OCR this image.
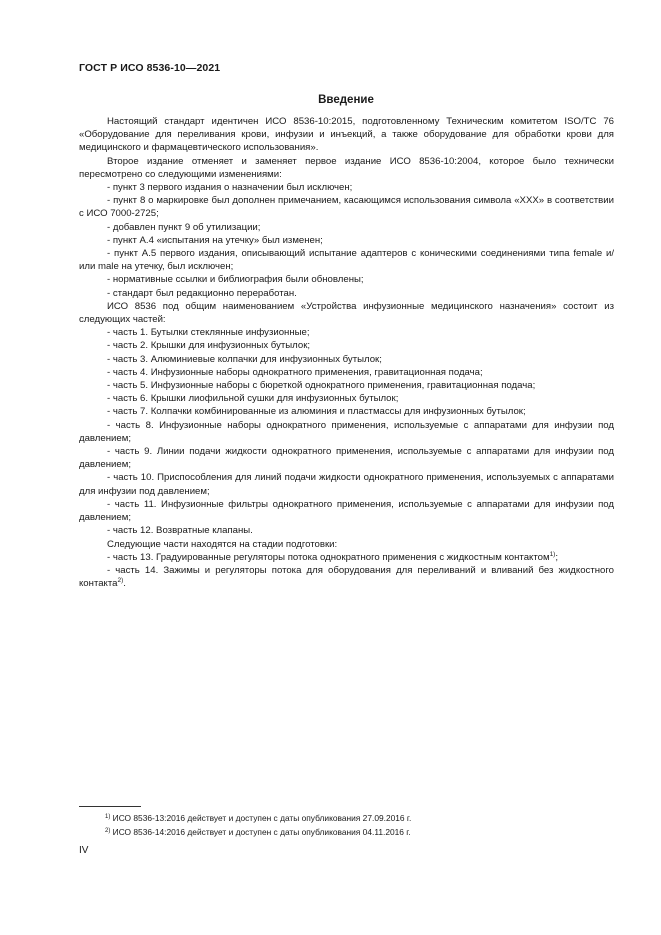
ГОСТ Р ИСО 8536-10—2021
Введение

Настоящий стандарт идентичен ИСО 8536-10:2015, подготовленному Техническим комитетом ISO/TC 76 «Оборудование для переливания крови, инфузии и инъекций, а также оборудование для обработки крови для медицинского и фармацевтического использования».

Второе издание отменяет и заменяет первое издание ИСО 8536-10:2004, которое было технически пересмотрено со следующими изменениями:

- пункт 3 первого издания о назначении был исключен;

- пункт 8 о маркировке был дополнен примечанием, касающимся использования символа «XXX» в соответствии с ИСО 7000-2725;

- добавлен пункт 9 об утилизации;

- пункт А.4 «испытания на утечку» был изменен;

- пункт А.5 первого издания, описывающий испытание адаптеров с коническими соединениями типа female и/или male на утечку, был исключен;

- нормативные ссылки и библиография были обновлены;

- стандарт был редакционно переработан.

ИСО 8536 под общим наименованием «Устройства инфузионные медицинского назначения» состоит из следующих частей:

- часть 1. Бутылки стеклянные инфузионные;

- часть 2. Крышки для инфузионных бутылок;

- часть 3. Алюминиевые колпачки для инфузионных бутылок;

- часть 4. Инфузионные наборы однократного применения, гравитационная подача;

- часть 5. Инфузионные наборы с бюреткой однократного применения, гравитационная подача;

- часть 6. Крышки лиофильной сушки для инфузионных бутылок;

- часть 7. Колпачки комбинированные из алюминия и пластмассы для инфузионных бутылок;

- часть 8. Инфузионные наборы однократного применения, используемые с аппаратами для инфузии под давлением;

- часть 9. Линии подачи жидкости однократного применения, используемые с аппаратами для инфузии под давлением;

- часть 10. Приспособления для линий подачи жидкости однократного применения, используемых с аппаратами для инфузии под давлением;

- часть 11. Инфузионные фильтры однократного применения, используемые с аппаратами для инфузии под давлением;

- часть 12. Возвратные клапаны.

Следующие части находятся на стадии подготовки:

- часть 13. Градуированные регуляторы потока однократного применения с жидкостным контактом$^{1)}$;

- часть 14. Зажимы и регуляторы потока для оборудования для переливаний и вливаний без жидкостного контакта$^{2)}$.

$^{1)}$ ИСО 8536-13:2016 действует и доступен с даты опубликования 27.09.2016 г.
$^{2)}$ ИСО 8536-14:2016 действует и доступен с даты опубликования 04.11.2016 г.
IV
